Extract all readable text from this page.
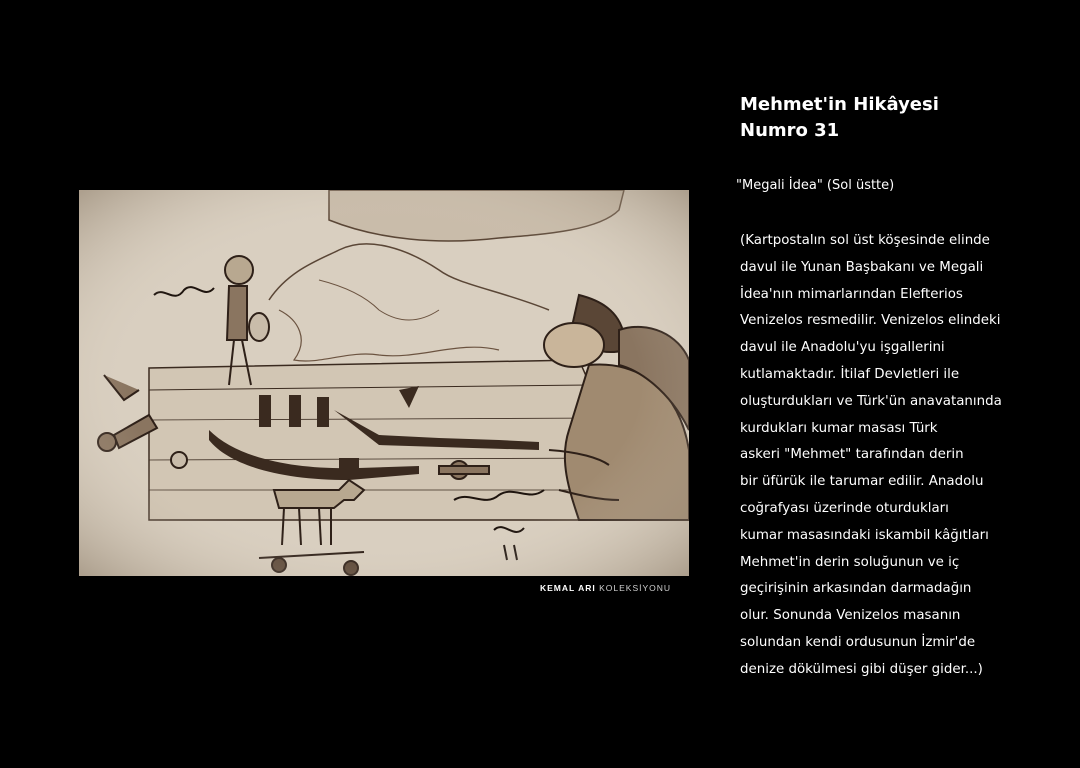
KEMAL ARI KOLEKSİYONU
Mehmet'in Hikâyesi
Numro 31
"Megali İdea" (Sol üstte)
(Kartpostalın sol üst köşesinde elinde
davul ile Yunan Başbakanı ve Megali
İdea'nın mimarlarından Elefterios
Venizelos resmedilir. Venizelos elindeki
davul ile Anadolu'yu işgallerini
kutlamaktadır. İtilaf Devletleri ile
oluşturdukları ve Türk'ün anavatanında
kurdukları kumar masası Türk
askeri "Mehmet" tarafından derin
bir üfürük ile tarumar edilir. Anadolu
coğrafyası üzerinde oturdukları
kumar masasındaki iskambil kâğıtları
Mehmet'in derin soluğunun ve iç
geçirişinin arkasından darmadağın
olur. Sonunda Venizelos masanın
solundan kendi ordusunun İzmir'de
denize dökülmesi gibi düşer gider...)
